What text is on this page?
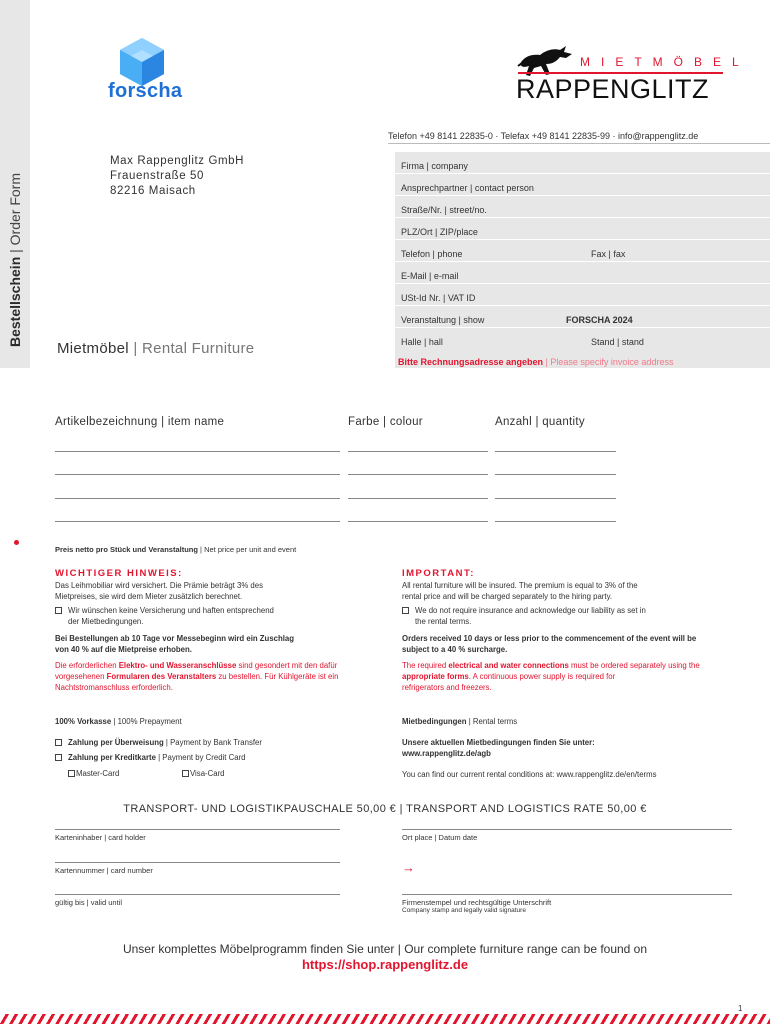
Bestellschein | Order Form
forscha
MIETMÖBEL
RAPPENGLITZ
Telefon +49 8141 22835-0 · Telefax +49 8141 22835-99 · info@rappenglitz.de
Max Rappenglitz GmbH
Frauenstraße 50
82216 Maisach
Firma | company
Ansprechpartner | contact person
Straße/Nr. | street/no.
PLZ/Ort | ZIP/place
Telefon | phone	Fax | fax
E-Mail | e-mail
USt-Id Nr. | VAT ID
Veranstaltung | show	FORSCHA 2024
Halle | hall	Stand | stand
Bitte Rechnungsadresse angeben | Please specify invoice address
Mietmöbel | Rental Furniture
Artikelbezeichnung | item name	Farbe | colour	Anzahl | quantity
Preis netto pro Stück und Veranstaltung | Net price per unit and event
WICHTIGER HINWEIS:
Das Leihmobiliar wird versichert. Die Prämie beträgt 3% des
Mietpreises, sie wird dem Mieter zusätzlich berechnet.
Wir wünschen keine Versicherung und haften entsprechend
der Mietbedingungen.
Bei Bestellungen ab 10 Tage vor Messebeginn wird ein Zuschlag
von 40 % auf die Mietpreise erhoben.
Die erforderlichen Elektro- und Wasseranschlüsse sind gesondert mit den dafür
vorgesehenen Formularen des Veranstalters zu bestellen. Für Kühlgeräte ist ein
Nachtstromanschluss erforderlich.
100% Vorkasse | 100% Prepayment
Zahlung per Überweisung | Payment by Bank Transfer
Zahlung per Kreditkarte | Payment by Credit Card
Master-Card	Visa-Card
IMPORTANT:
All rental furniture will be insured. The premium is equal to 3% of the
rental price and will be charged separately to the hiring party.
We do not require insurance and acknowledge our liability as set in
the rental terms.
Orders received 10 days or less prior to the commencement of the event will be
subject to a 40 % surcharge.
The required electrical and water connections must be ordered separately using the
appropriate forms. A continuous power supply is required for
refrigerators and freezers.
Mietbedingungen | Rental terms
Unsere aktuellen Mietbedingungen finden Sie unter:
www.rappenglitz.de/agb
You can find our current rental conditions at: www.rappenglitz.de/en/terms
TRANSPORT- UND LOGISTIKPAUSCHALE 50,00 € | TRANSPORT AND LOGISTICS RATE 50,00 €
Karteninhaber | card holder	Ort place | Datum date
Kartennummer | card number	→
gültig bis | valid until	Firmenstempel und rechtsgültige Unterschrift
Company stamp and legally valid signature
Unser komplettes Möbelprogramm finden Sie unter | Our complete furniture range can be found on
https://shop.rappenglitz.de
1
